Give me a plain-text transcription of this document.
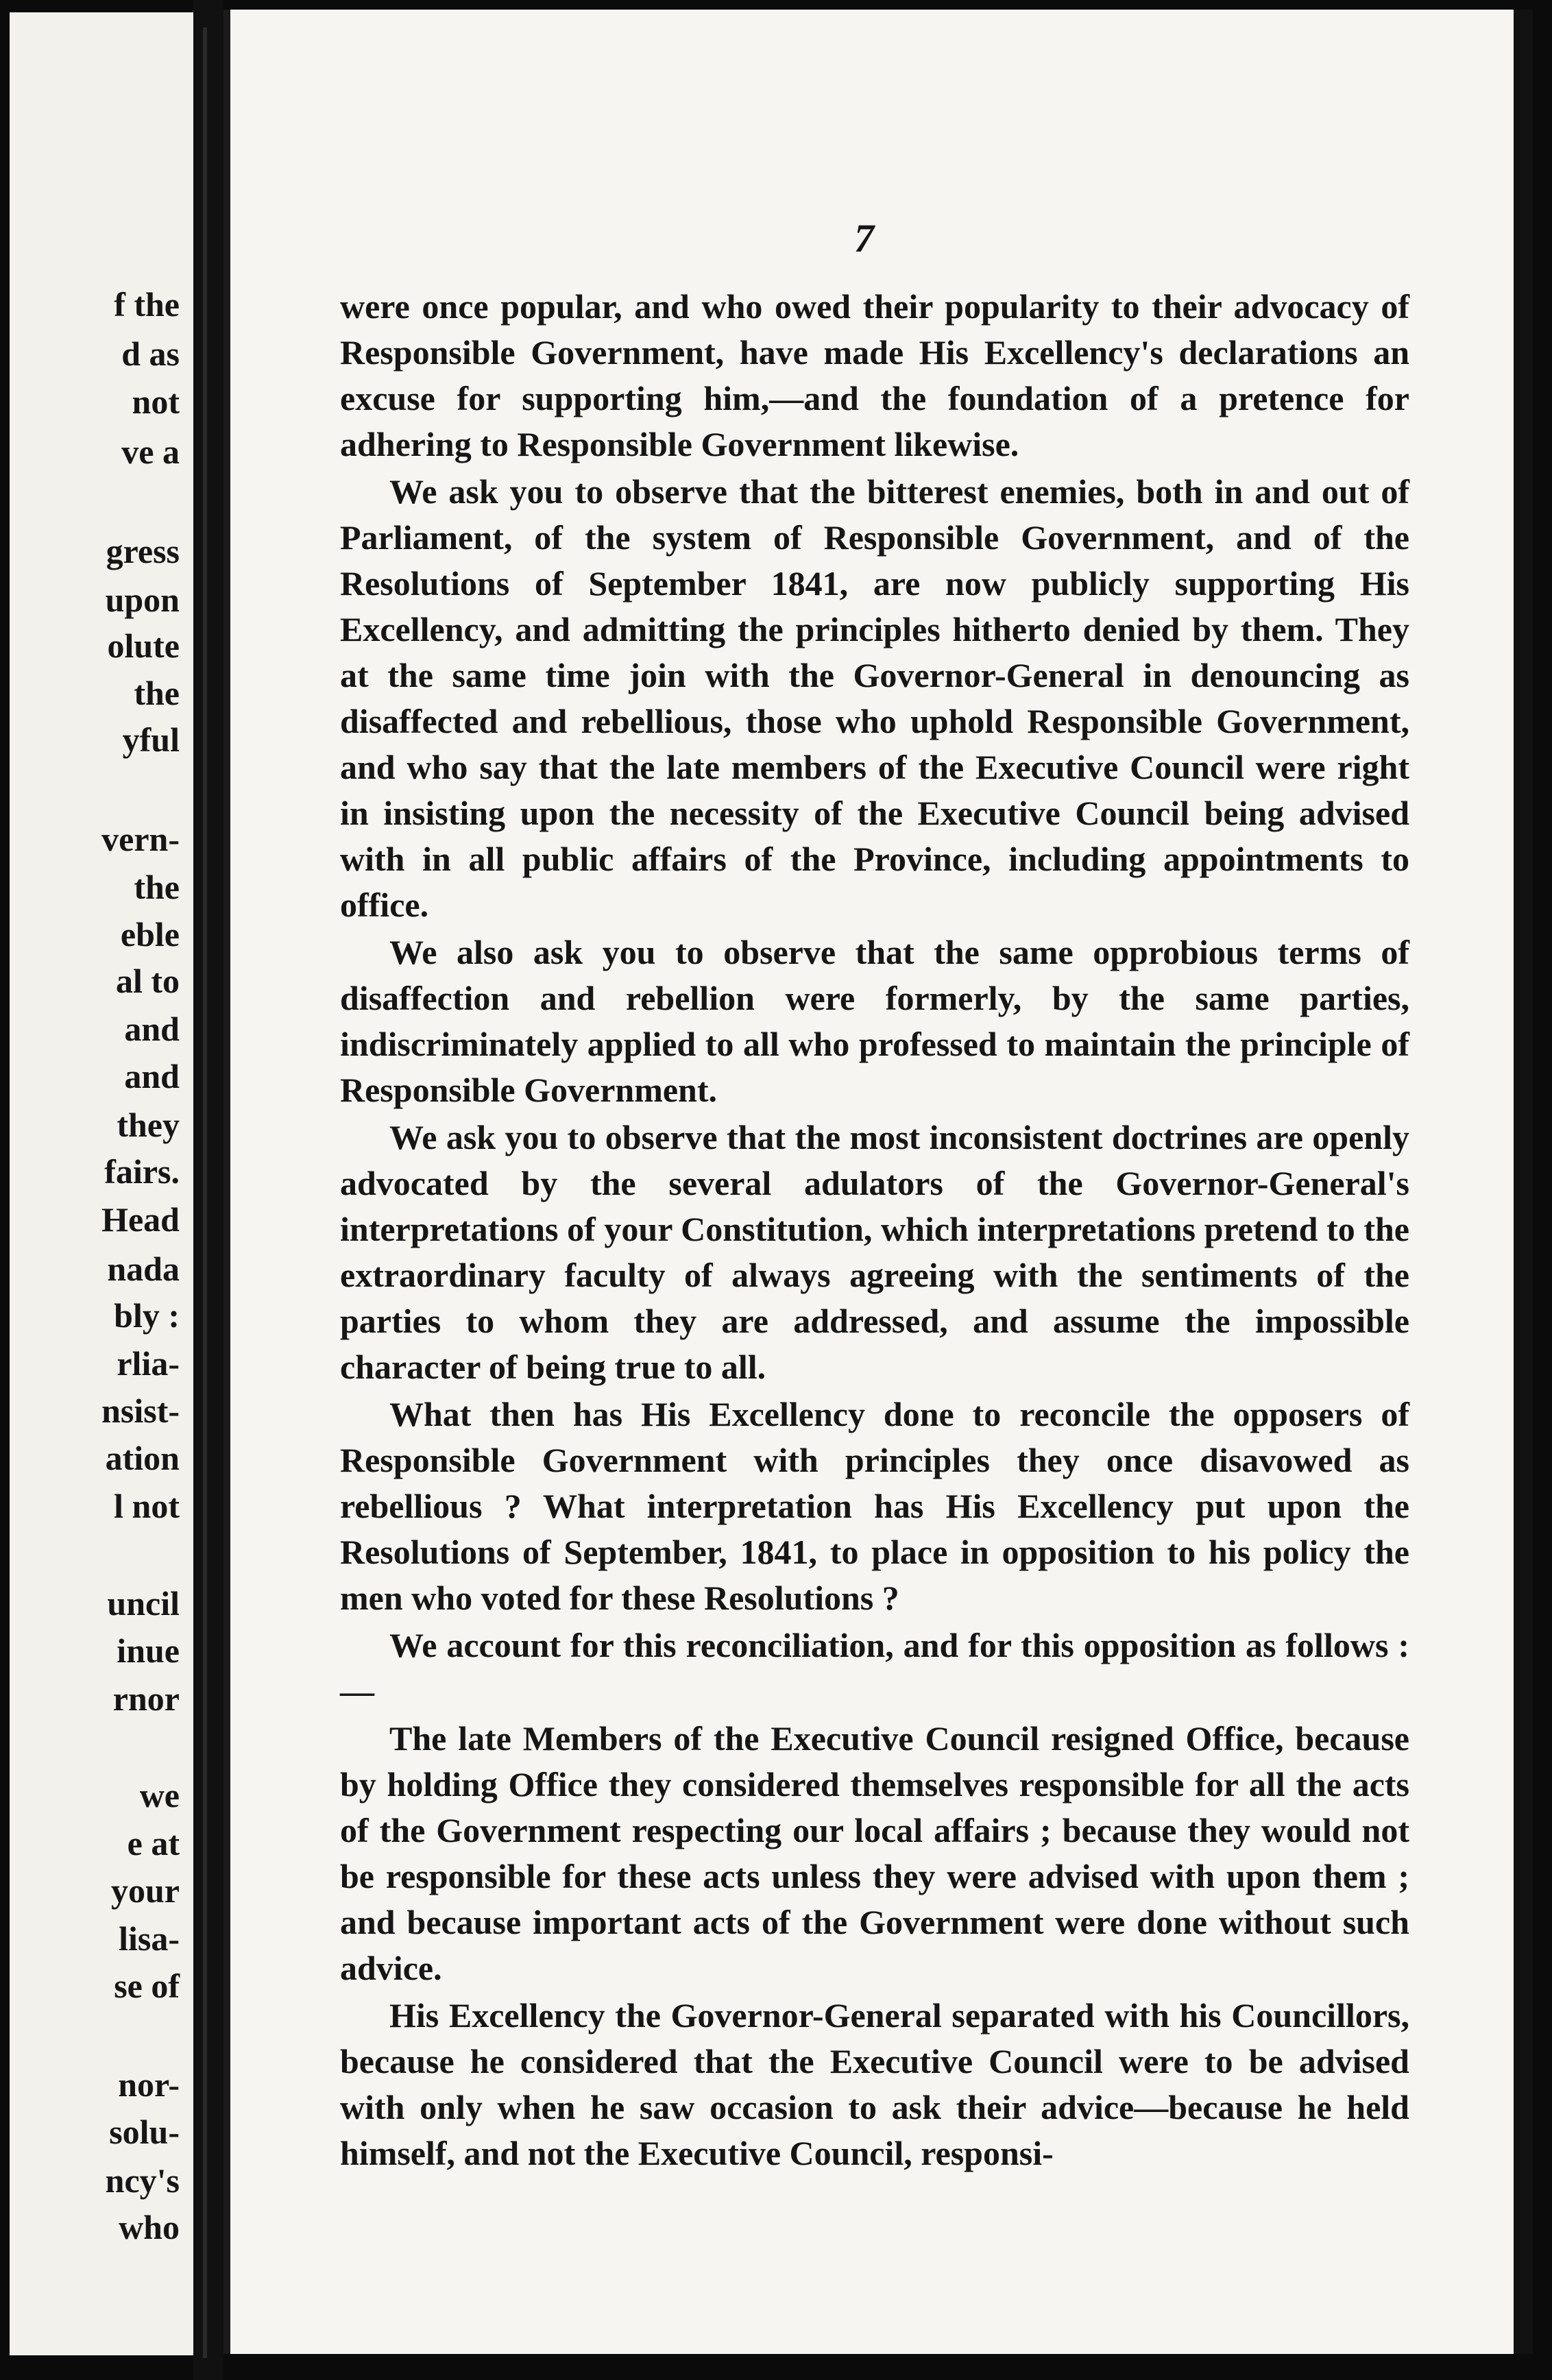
f the
d as
not
ve a
gress
upon
olute
the
yful
vern-
the
eble
al to
and
and
they
fairs.
Head
nada
bly :
rlia-
nsist-
ation
l not
uncil
inue
rnor
we
e at
your
lisa-
se of
nor-
solu-
ncy's
who
7

were once popular, and who owed their popularity to their advocacy of Responsible Government, have made His Excellency's declarations an excuse for supporting him,—and the foundation of a pretence for adhering to Responsible Government likewise.

We ask you to observe that the bitterest enemies, both in and out of Parliament, of the system of Responsible Government, and of the Resolutions of September 1841, are now publicly supporting His Excellency, and admitting the principles hitherto denied by them. They at the same time join with the Governor-General in denouncing as disaffected and rebellious, those who uphold Responsible Government, and who say that the late members of the Executive Council were right in insisting upon the necessity of the Executive Council being advised with in all public affairs of the Province, including appointments to office.

We also ask you to observe that the same opprobious terms of disaffection and rebellion were formerly, by the same parties, indiscriminately applied to all who professed to maintain the principle of Responsible Government.

We ask you to observe that the most inconsistent doctrines are openly advocated by the several adulators of the Governor-General's interpretations of your Constitution, which interpretations pretend to the extraordinary faculty of always agreeing with the sentiments of the parties to whom they are addressed, and assume the impossible character of being true to all.

What then has His Excellency done to reconcile the opposers of Responsible Government with principles they once disavowed as rebellious ? What interpretation has His Excellency put upon the Resolutions of September, 1841, to place in opposition to his policy the men who voted for these Resolutions ?

We account for this reconciliation, and for this opposition as follows :—

The late Members of the Executive Council resigned Office, because by holding Office they considered themselves responsible for all the acts of the Government respecting our local affairs ; because they would not be responsible for these acts unless they were advised with upon them ; and because important acts of the Government were done without such advice.

His Excellency the Governor-General separated with his Councillors, because he considered that the Executive Council were to be advised with only when he saw occasion to ask their advice—because he held himself, and not the Executive Council, responsi-
